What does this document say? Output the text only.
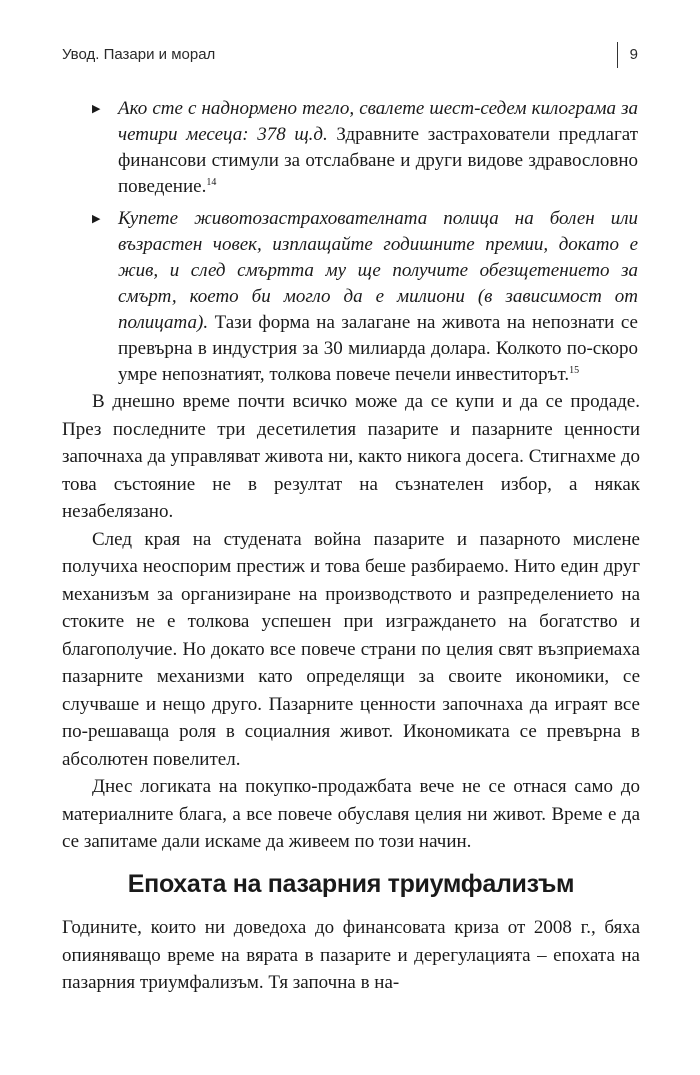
Увод. Пазари и морал	9
▶ Ако сте с наднормено тегло, свалете шест-седем килограма за четири месеца: 378 щ.д. Здравните застрахователи предлагат финансови стимули за отслабване и други видове здравословно поведение.$^{14}$
▶ Купете животозастрахователната полица на болен или възрастен човек, изплащайте годишните премии, докато е жив, и след смъртта му ще получите обезщетението за смърт, което би могло да е милиони (в зависимост от полицата). Тази форма на залагане на живота на непознати се превърна в индустрия за 30 милиарда долара. Колкото по-скоро умре непознатият, толкова повече печели инвеститорът.$^{15}$

В днешно време почти всичко може да се купи и да се продаде. През последните три десетилетия пазарите и пазарните ценности започнаха да управляват живота ни, както никога досега. Стигнахме до това състояние не в резултат на съзнателен избор, а някак незабелязано.

След края на студената война пазарите и пазарното мислене получиха неоспорим престиж и това беше разбираемо. Нито един друг механизъм за организиране на производството и разпределението на стоките не е толкова успешен при изграждането на богатство и благополучие. Но докато все повече страни по целия свят възприемаха пазарните механизми като определящи за своите икономики, се случваше и нещо друго. Пазарните ценности започнаха да играят все по-решаваща роля в социалния живот. Икономиката се превърна в абсолютен повелител.

Днес логиката на покупко-продажбата вече не се отнася само до материалните блага, а все повече обуславя целия ни живот. Време е да се запитаме дали искаме да живеем по този начин.

Епохата на пазарния триумфализъм

Годините, които ни доведоха до финансовата криза от 2008 г., бяха опияняващо време на вярата в пазарите и дерегулацията – епохата на пазарния триумфализъм. Тя започна в на-
